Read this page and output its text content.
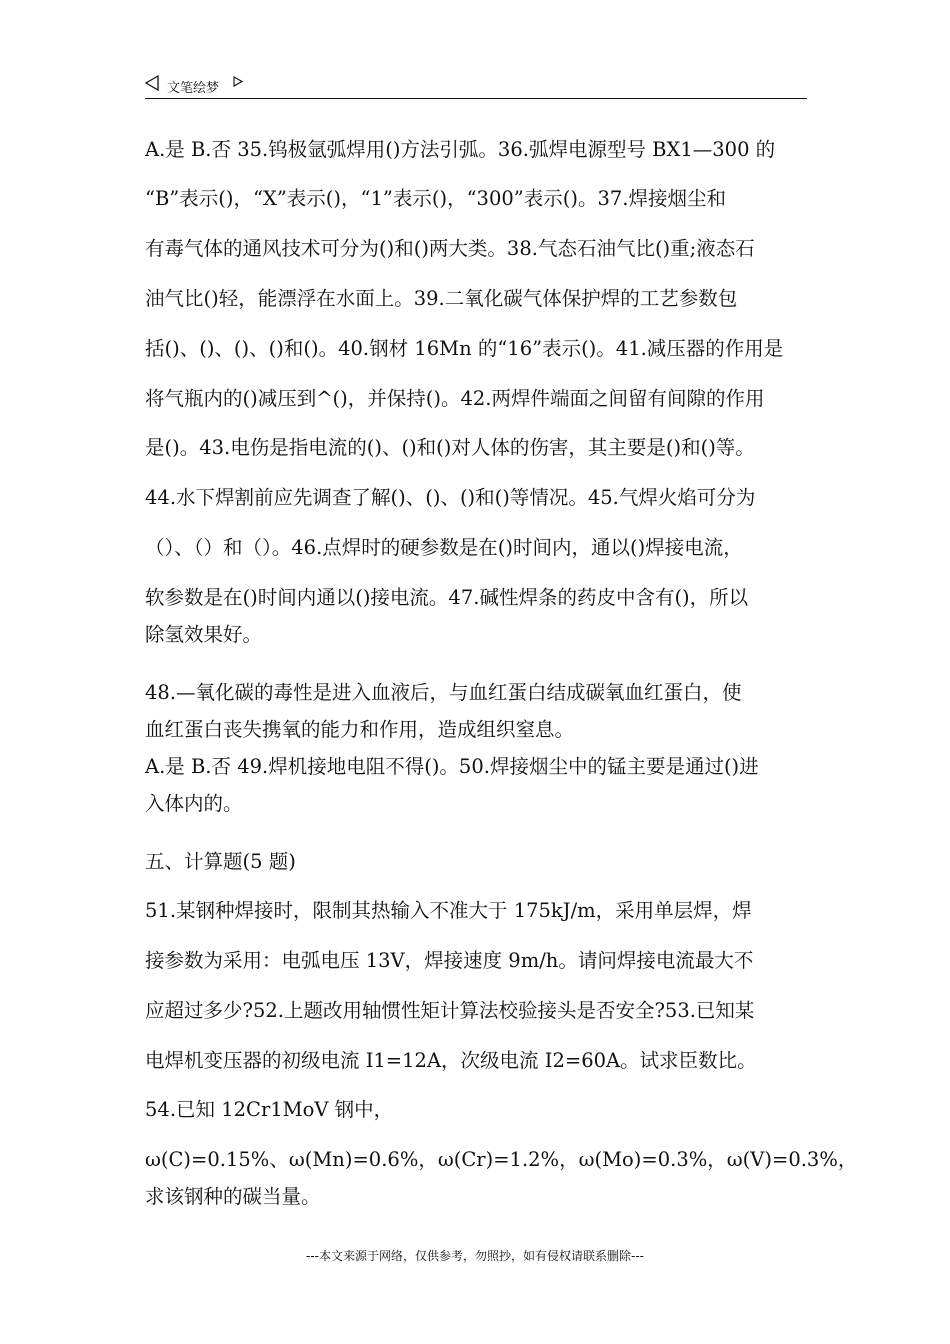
文笔绘梦
A.是 B.否 35.钨极氩弧焊用()方法引弧。36.弧焊电源型号 BX1—300 的
“B”表示()，“X”表示()，“1”表示()，“300”表示()。37.焊接烟尘和
有毒气体的通风技术可分为()和()两大类。38.气态石油气比()重;液态石
油气比()轻，能漂浮在水面上。39.二氧化碳气体保护焊的工艺参数包
括()、()、()、()和()。40.钢材 16Mn 的“16”表示()。41.减压器的作用是
将气瓶内的()减压到^()，并保持()。42.两焊件端面之间留有间隙的作用
是()。43.电伤是指电流的()、()和()对人体的伤害，其主要是()和()等。
44.水下焊割前应先调查了解()、()、()和()等情况。45.气焊火焰可分为
（）、（）和（）。46.点焊时的硬参数是在()时间内，通以()焊接电流，
软参数是在()时间内通以()接电流。47.碱性焊条的药皮中含有()，所以
除氢效果好。
48.—氧化碳的毒性是进入血液后，与血红蛋白结成碳氧血红蛋白，使
血红蛋白丧失携氧的能力和作用，造成组织窒息。
A.是 B.否 49.焊机接地电阻不得()。50.焊接烟尘中的锰主要是通过()进
入体内的。
五、计算题(5 题)
51.某钢种焊接时，限制其热输入不准大于 175kJ/m，采用单层焊，焊
接参数为采用：电弧电压 13V，焊接速度 9m/h。请问焊接电流最大不
应超过多少?52.上题改用轴惯性矩计算法校验接头是否安全?53.已知某
电焊机变压器的初级电流 I1=12A，次级电流 I2=60A。试求臣数比。
54.已知 12Cr1MoV 钢中，
ω(C)=0.15%、ω(Mn)=0.6%，ω(Cr)=1.2%，ω(Mo)=0.3%，ω(V)=0.3%，
求该钢种的碳当量。
---本文来源于网络，仅供参考，勿照抄，如有侵权请联系删除---
